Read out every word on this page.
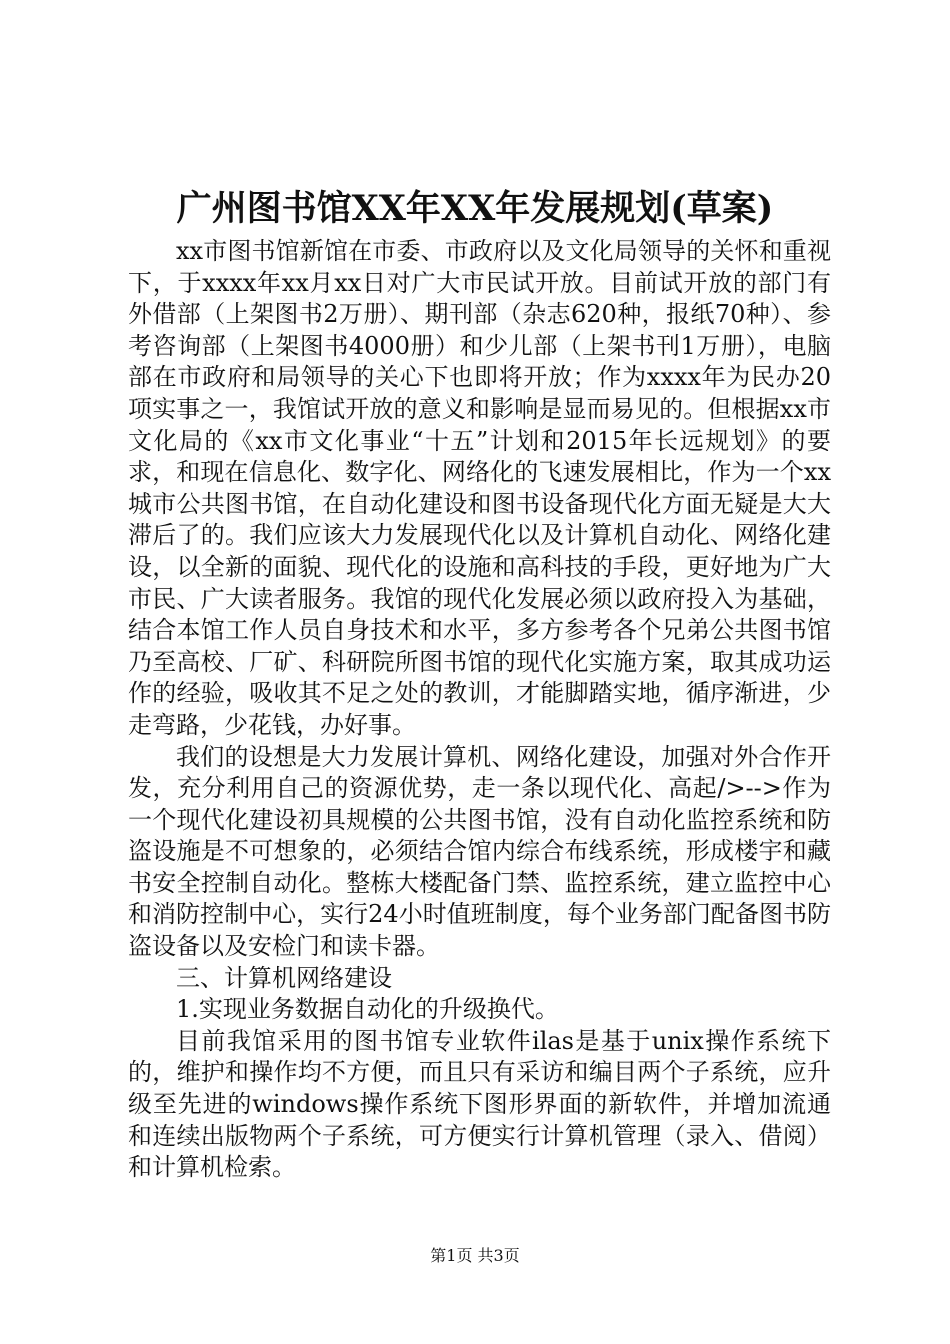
广州图书馆XX年XX年发展规划(草案)

xx市图书馆新馆在市委、市政府以及文化局领导的关怀和重视下，于xxxx年xx月xx日对广大市民试开放。目前试开放的部门有外借部（上架图书2万册）、期刊部（杂志620种，报纸70种）、参考咨询部（上架图书4000册）和少儿部（上架书刊1万册），电脑部在市政府和局领导的关心下也即将开放；作为xxxx年为民办20项实事之一，我馆试开放的意义和影响是显而易见的。但根据xx市文化局的《xx市文化事业“十五”计划和2015年长远规划》的要求，和现在信息化、数字化、网络化的飞速发展相比，作为一个xx城市公共图书馆，在自动化建设和图书设备现代化方面无疑是大大滞后了的。我们应该大力发展现代化以及计算机自动化、网络化建设，以全新的面貌、现代化的设施和高科技的手段，更好地为广大市民、广大读者服务。我馆的现代化发展必须以政府投入为基础，结合本馆工作人员自身技术和水平，多方参考各个兄弟公共图书馆乃至高校、厂矿、科研院所图书馆的现代化实施方案，取其成功运作的经验，吸收其不足之处的教训，才能脚踏实地，循序渐进，少走弯路，少花钱，办好事。

我们的设想是大力发展计算机、网络化建设，加强对外合作开发，充分利用自己的资源优势，走一条以现代化、高起/>-->作为一个现代化建设初具规模的公共图书馆，没有自动化监控系统和防盗设施是不可想象的，必须结合馆内综合布线系统，形成楼宇和藏书安全控制自动化。整栋大楼配备门禁、监控系统，建立监控中心和消防控制中心，实行24小时值班制度，每个业务部门配备图书防盗设备以及安检门和读卡器。

三、计算机网络建设

1.实现业务数据自动化的升级换代。

目前我馆采用的图书馆专业软件ilas是基于unix操作系统下的，维护和操作均不方便，而且只有采访和编目两个子系统，应升级至先进的windows操作系统下图形界面的新软件，并增加流通和连续出版物两个子系统，可方便实行计算机管理（录入、借阅）和计算机检索。

第1页 共3页
